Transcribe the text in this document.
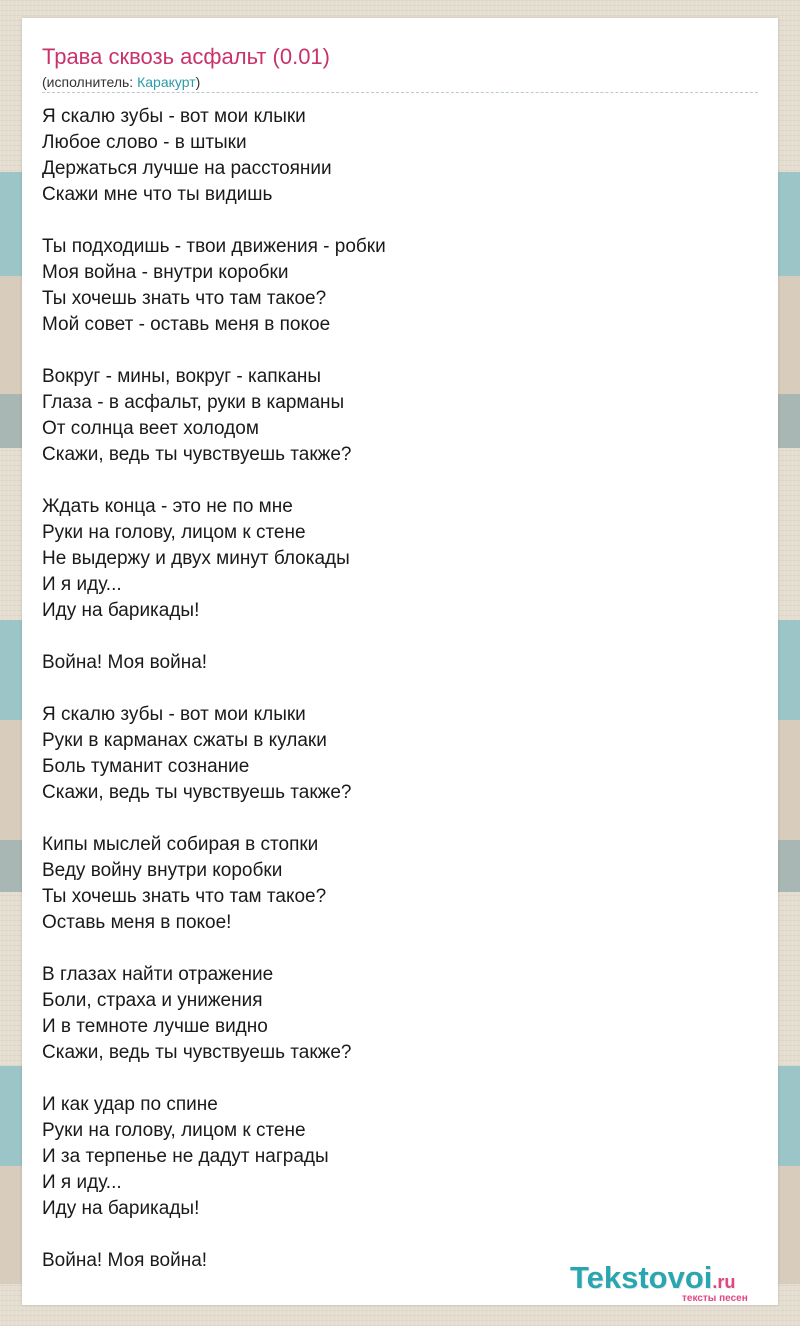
Трава сквозь асфальт (0.01)
(исполнитель: Каракурт)
Я скалю зубы - вот мои клыки
Любое слово - в штыки
Держаться лучше на расстоянии
Скажи мне что ты видишь
Ты подходишь - твои движения - робки
Моя война - внутри коробки
Ты хочешь знать что там такое?
Мой совет - оставь меня в покое
Вокруг - мины, вокруг - капканы
Глаза - в асфальт, руки в карманы
От солнца веет холодом
Скажи, ведь ты чувствуешь также?
Ждать конца - это не по мне
Руки на голову, лицом к стене
Не выдержу и двух минут блокады
И я иду...
Иду на барикады!
Война! Моя война!
Я скалю зубы - вот мои клыки
Руки в карманах сжаты в кулаки
Боль туманит сознание
Скажи, ведь ты чувствуешь также?
Кипы мыслей собирая в стопки
Веду войну внутри коробки
Ты хочешь знать что там такое?
Оставь меня в покое!
В глазах найти отражение
Боли, страха и унижения
И в темноте лучше видно
Скажи, ведь ты чувствуешь также?
И как удар по спине
Руки на голову, лицом к стене
И за терпенье не дадут награды
И я иду...
Иду на барикады!
Война! Моя война!	Tekstovoi.ru
тексты песен
